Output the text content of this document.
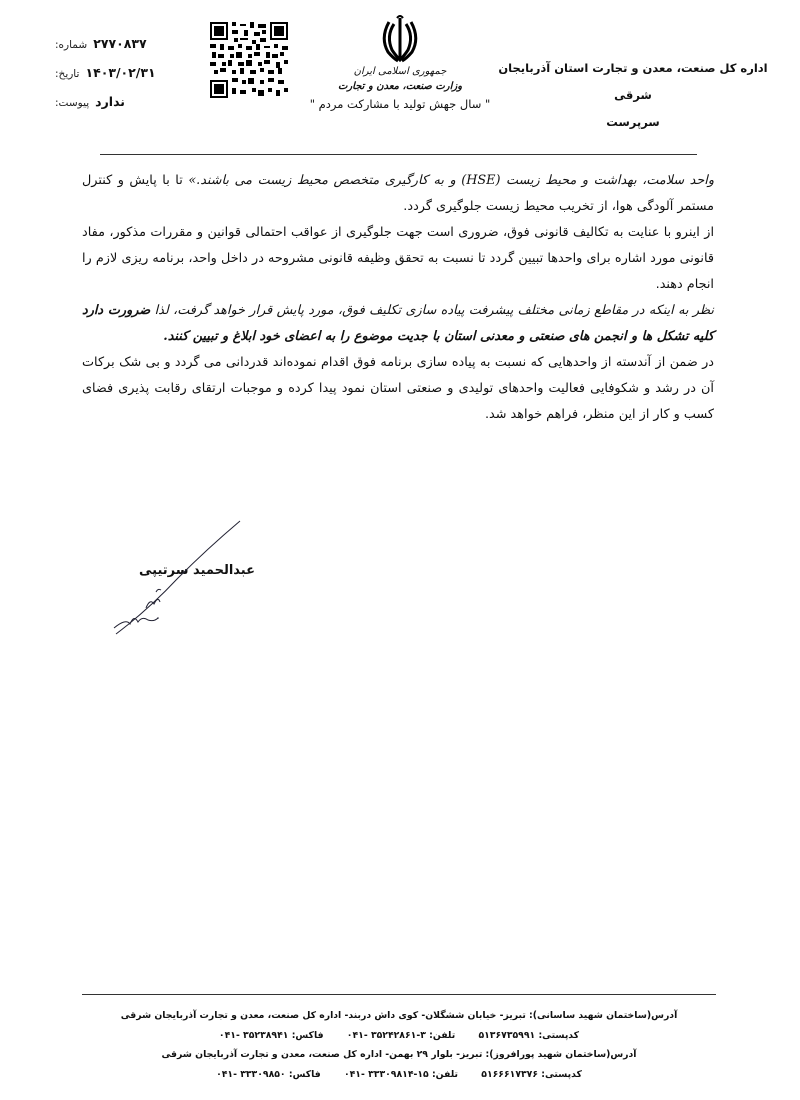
اداره کل صنعت، معدن و تجارت استان آذربایجان شرقی
سرپرست
جمهوری اسلامی ایران
وزارت صنعت، معدن و تجارت
" سال جهش تولید با مشارکت مردم "
شماره: ۲۷۷۰۸۳۷
تاریخ: ۱۴۰۳/۰۲/۳۱
پیوست: ندارد

واحد سلامت، بهداشت و محیط زیست (HSE) و به کارگیری متخصص محیط زیست می باشند.» تا با پایش و کنترل مستمر آلودگی هوا، از تخریب محیط زیست جلوگیری گردد.

از اینرو با عنایت به تکالیف قانونی فوق، ضروری است جهت جلوگیری از عواقب احتمالی قوانین و مقررات مذکور، مفاد قانونی مورد اشاره برای واحدها تبیین گردد تا نسبت به تحقق وظیفه قانونی مشروحه در داخل واحد، برنامه ریزی لازم را انجام دهند.

نظر به اینکه در مقاطع زمانی مختلف پیشرفت پیاده سازی تکلیف فوق، مورد پایش قرار خواهد گرفت، لذا ضرورت دارد کلیه تشکل ها و انجمن های صنعتی و معدنی استان با جدیت موضوع را به اعضای خود ابلاغ و تبیین کنند.

در ضمن از آندسته از واحدهایی که نسبت به پیاده سازی برنامه فوق اقدام نموده‌اند قدردانی می گردد و بی شک برکات آن در رشد و شکوفایی فعالیت واحدهای تولیدی و صنعتی استان نمود پیدا کرده و موجبات ارتقای رقابت پذیری فضای کسب و کار از این منظر، فراهم خواهد شد.

عبدالحمید سرتیپی
آدرس(ساختمان شهید ساسانی): تبریز- خیابان ششگلان- کوی داش دربند- اداره کل صنعت، معدن و تجارت آذربایجان شرقی
کدپستی: ۵۱۳۶۷۳۵۹۹۱ تلفن: ۳-۳۵۲۴۲۸۶۱ -۰۴۱ فاکس: ۳۵۲۳۸۹۴۱ -۰۴۱
آدرس(ساختمان شهید پورافروز): تبریز- بلوار ۲۹ بهمن- اداره کل صنعت، معدن و تجارت آذربایجان شرقی
کدپستی: ۵۱۶۶۶۱۷۳۷۶ تلفن: ۱۵-۳۳۳۰۹۸۱۴ -۰۴۱ فاکس: ۳۳۳۰۹۸۵۰ -۰۴۱
